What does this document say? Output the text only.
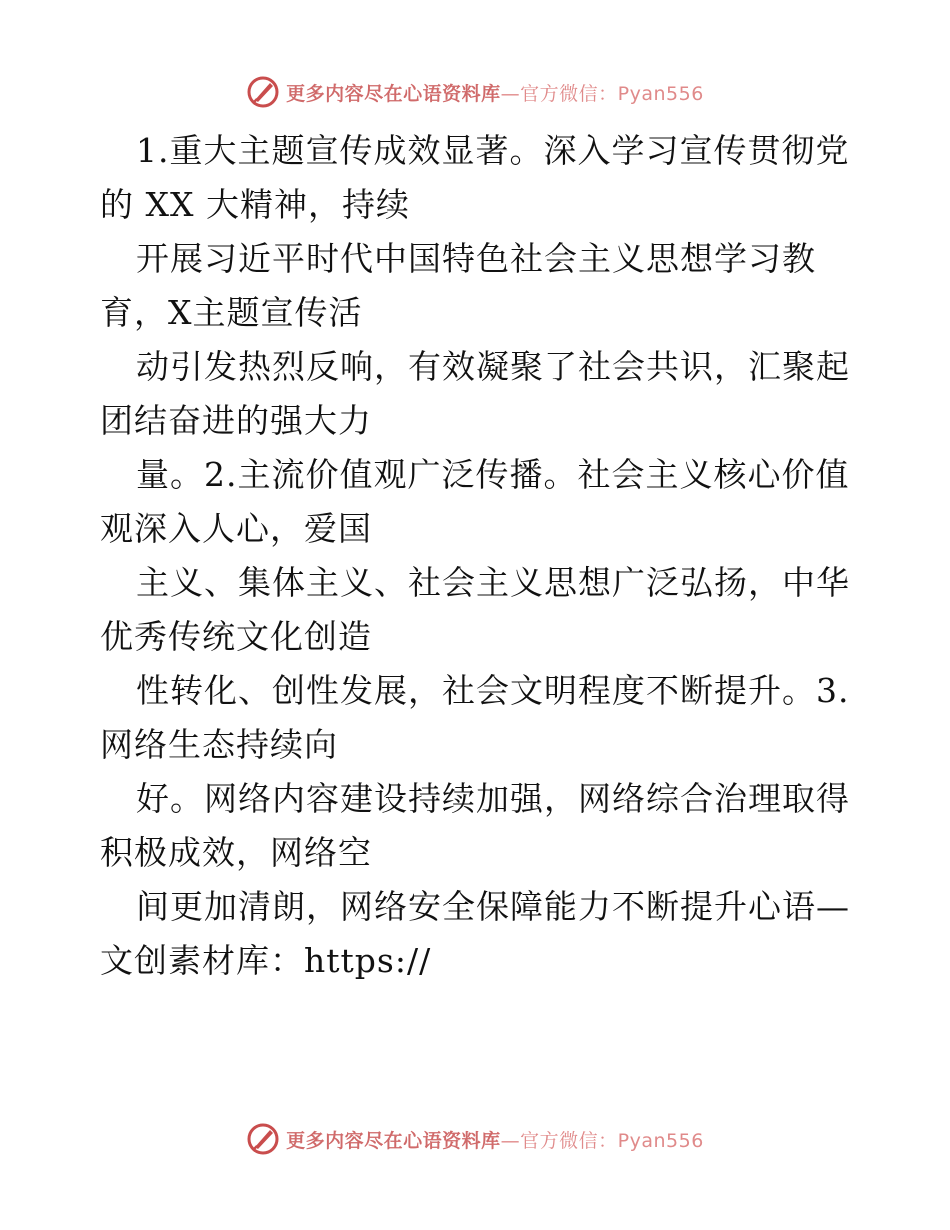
更多内容尽在心语资料库—官方微信：Pyan556
1.重大主题宣传成效显著。深入学习宣传贯彻党
的 XX 大精神，持续
开展习近平时代中国特色社会主义思想学习教
育，X主题宣传活
动引发热烈反响，有效凝聚了社会共识，汇聚起
团结奋进的强大力
量。2.主流价值观广泛传播。社会主义核心价值
观深入人心，爱国
主义、集体主义、社会主义思想广泛弘扬，中华
优秀传统文化创造
性转化、创性发展，社会文明程度不断提升。3.
网络生态持续向
好。网络内容建设持续加强，网络综合治理取得
积极成效，网络空
间更加清朗，网络安全保障能力不断提升心语—
文创素材库：https://
更多内容尽在心语资料库—官方微信：Pyan556
